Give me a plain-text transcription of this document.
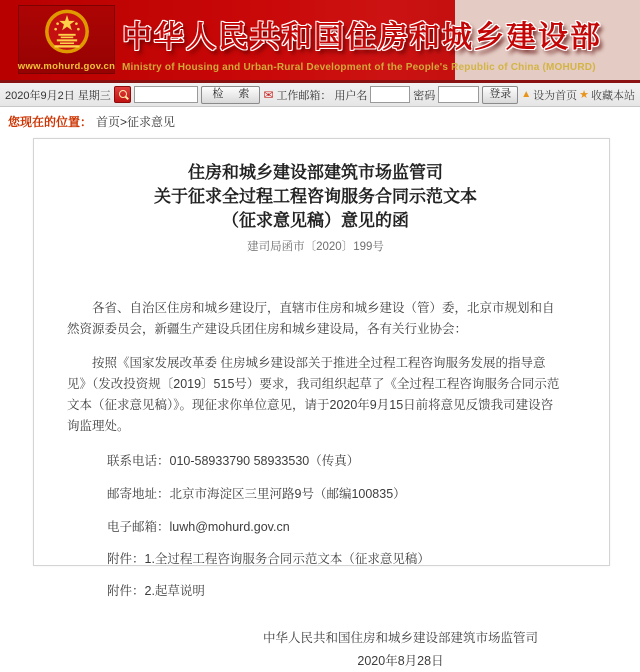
www.mohurd.gov.cn
中华人民共和国住房和城乡建设部
Ministry of Housing and Urban-Rural Development of the People's Republic of China (MOHURD)
2020年9月2日 星期三	检 索 ✉ 工作邮箱： 用户名	密码	登录	▲ 设为首页 ★ 收藏本站
您现在的位置： 首页>征求意见
住房和城乡建设部建筑市场监管司
关于征求全过程工程咨询服务合同示范文本
（征求意见稿）意见的函
建司局函市〔2020〕199号
各省、自治区住房和城乡建设厅，直辖市住房和城乡建设（管）委，北京市规划和自然资源委员会，新疆生产建设兵团住房和城乡建设局，各有关行业协会：
按照《国家发展改革委 住房城乡建设部关于推进全过程工程咨询服务发展的指导意见》（发改投资规〔2019〕515号）要求，我司组织起草了《全过程工程咨询服务合同示范文本（征求意见稿）》。现征求你单位意见，请于2020年9月15日前将意见反馈我司建设咨询监理处。
联系电话：010-58933790 58933530（传真）
邮寄地址：北京市海淀区三里河路9号（邮编100835）
电子邮箱：luwh@mohurd.gov.cn
附件：1.全过程工程咨询服务合同示范文本（征求意见稿）
附件：2.起草说明
中华人民共和国住房和城乡建设部建筑市场监管司
2020年8月28日
